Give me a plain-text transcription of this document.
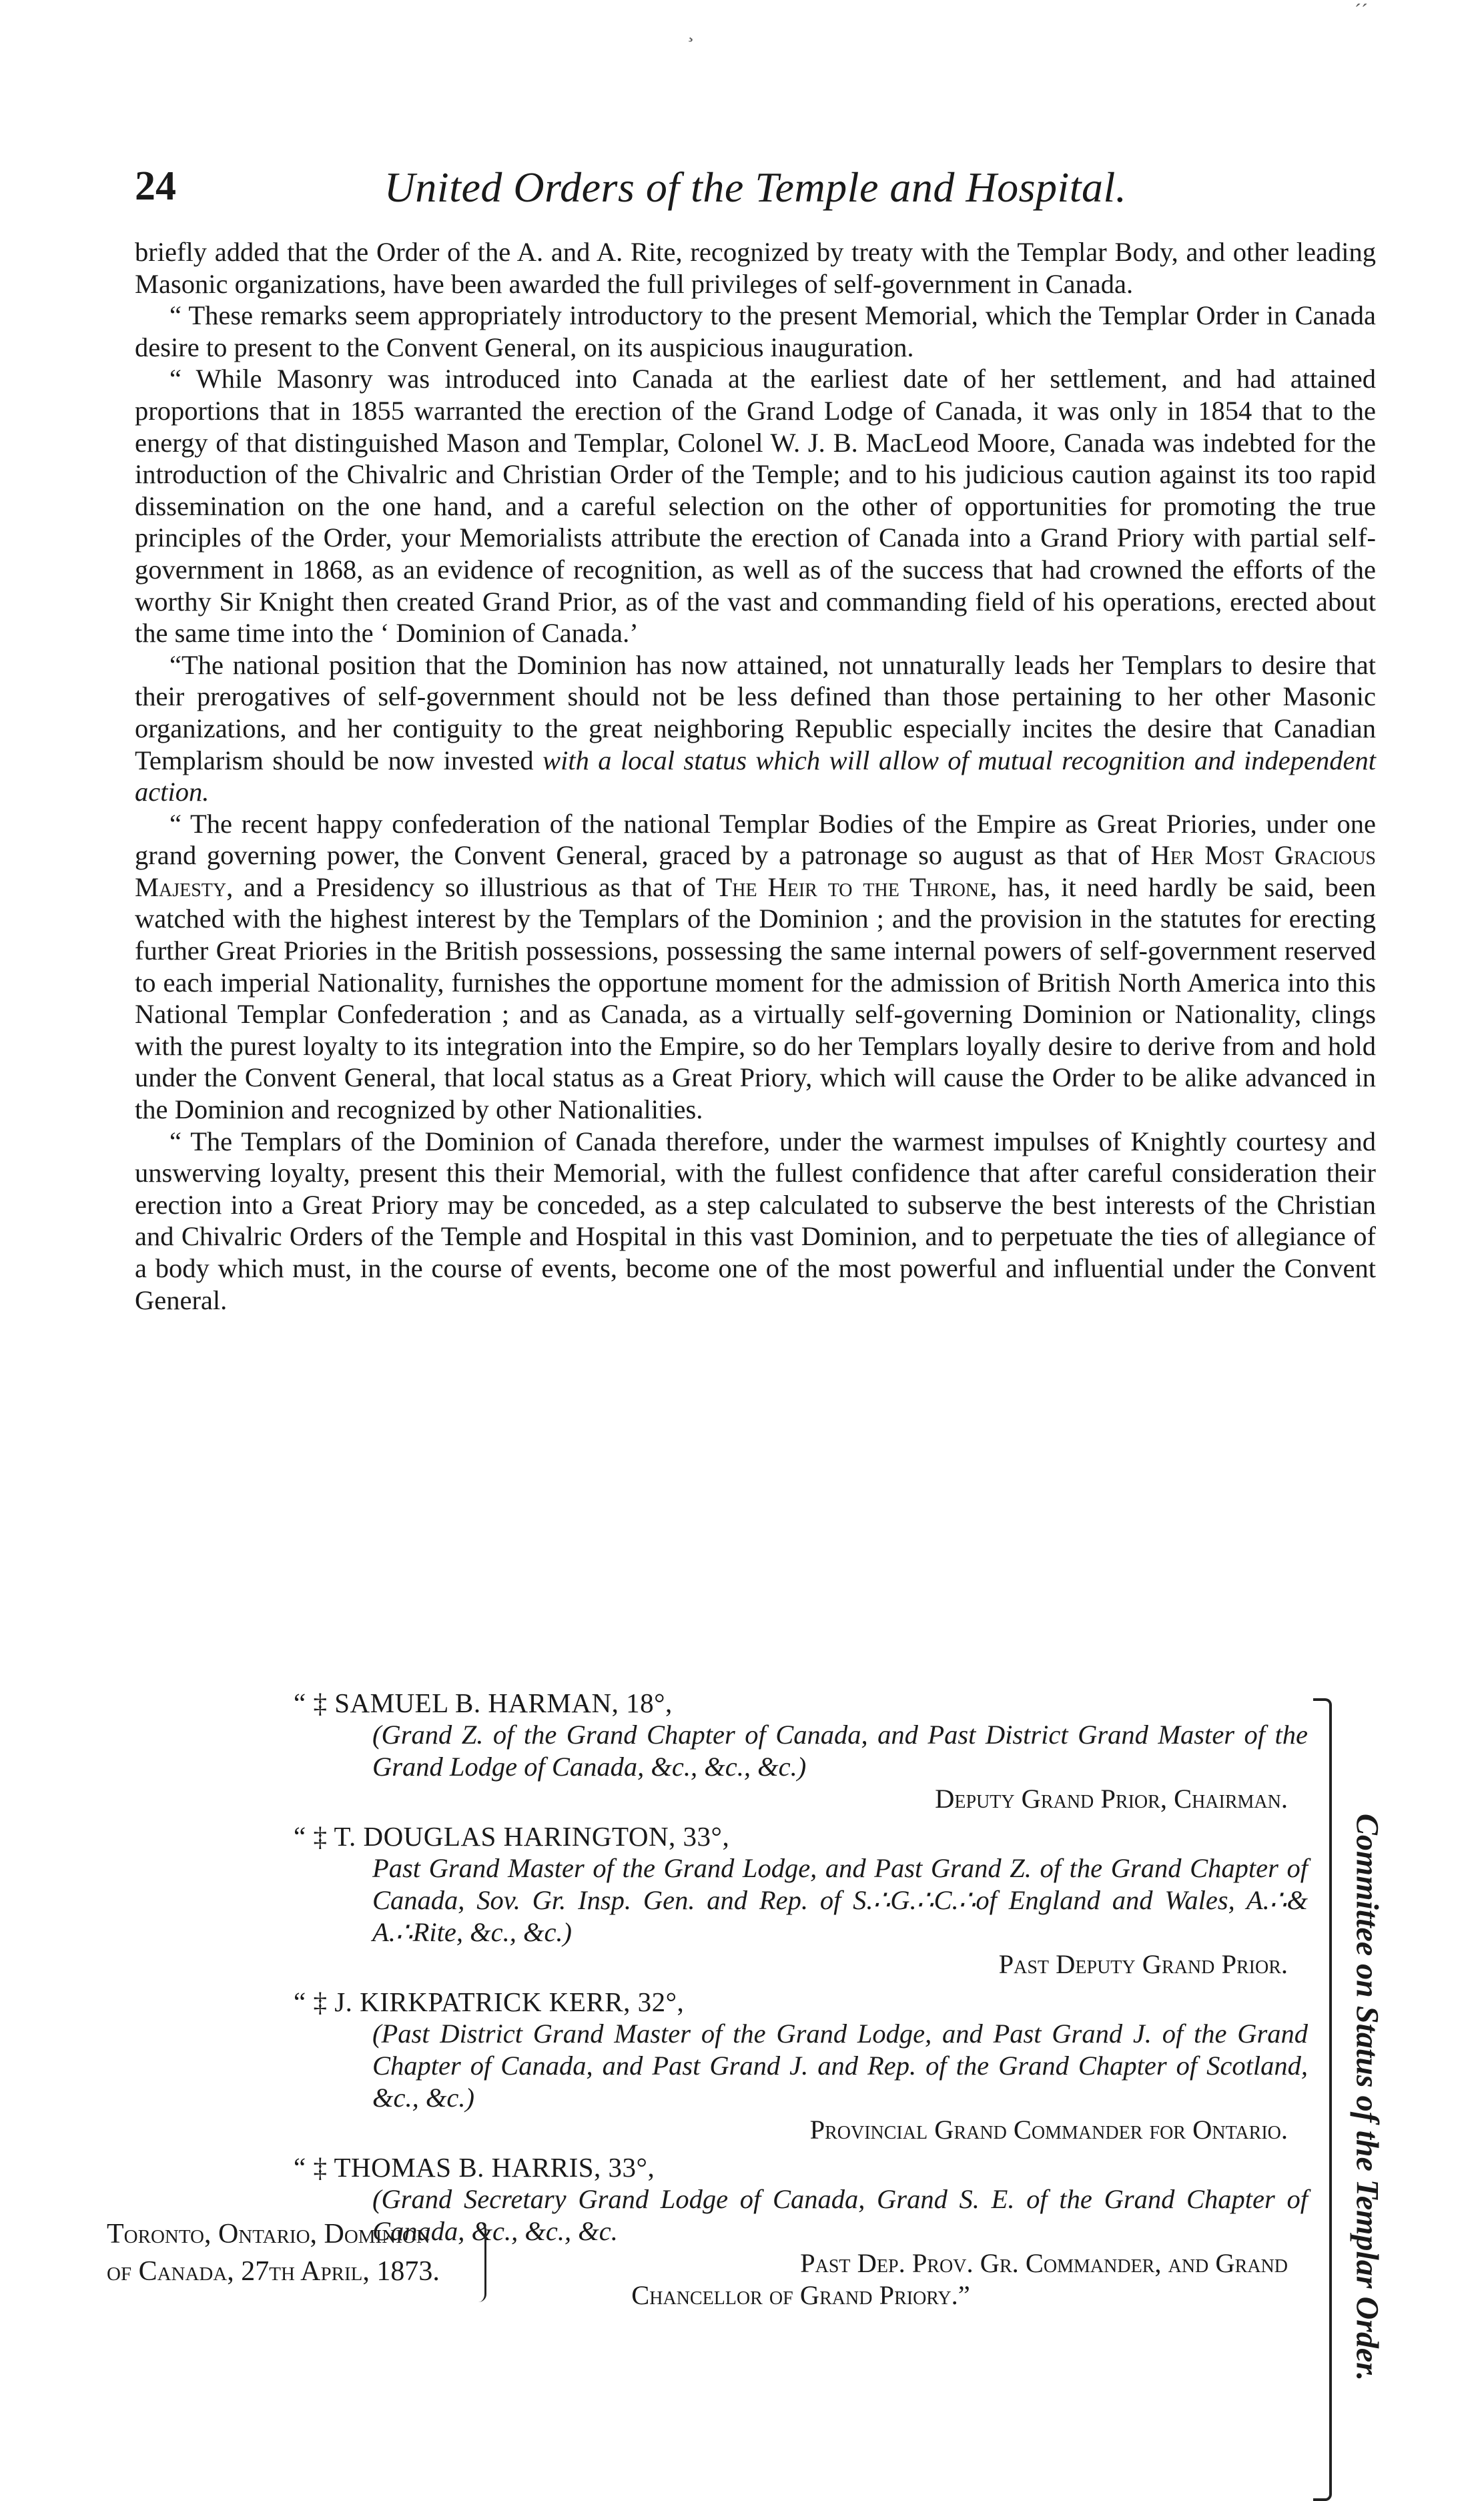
´´
¸
24	United Orders of the Temple and Hospital.

briefly added that the Order of the A. and A. Rite, recognized by treaty with the Templar Body, and other leading Masonic organizations, have been awarded the full privileges of self-government in Canada.

“ These remarks seem appropriately introductory to the present Memorial, which the Templar Order in Canada desire to present to the Convent General, on its auspicious inauguration.

“ While Masonry was introduced into Canada at the earliest date of her settlement, and had attained proportions that in 1855 warranted the erection of the Grand Lodge of Canada, it was only in 1854 that to the energy of that distinguished Mason and Templar, Colonel W. J. B. MacLeod Moore, Canada was indebted for the introduction of the Chivalric and Christian Order of the Temple; and to his judicious caution against its too rapid dissemination on the one hand, and a careful selection on the other of opportunities for promoting the true principles of the Order, your Memorialists attribute the erection of Canada into a Grand Priory with partial self-government in 1868, as an evidence of recognition, as well as of the success that had crowned the efforts of the worthy Sir Knight then created Grand Prior, as of the vast and commanding field of his operations, erected about the same time into the ‘ Dominion of Canada.’

“The national position that the Dominion has now attained, not unnaturally leads her Templars to desire that their prerogatives of self-government should not be less defined than those pertaining to her other Masonic organizations, and her contiguity to the great neighboring Republic especially incites the desire that Canadian Templarism should be now invested with a local status which will allow of mutual recognition and independent action.

“ The recent happy confederation of the national Templar Bodies of the Empire as Great Priories, under one grand governing power, the Convent General, graced by a patronage so august as that of Her Most Gracious Majesty, and a Presidency so illustrious as that of The Heir to the Throne, has, it need hardly be said, been watched with the highest interest by the Templars of the Dominion ; and the provision in the statutes for erecting further Great Priories in the British possessions, possessing the same internal powers of self-government reserved to each imperial Nationality, furnishes the opportune moment for the admission of British North America into this National Templar Confederation ; and as Canada, as a virtually self-governing Dominion or Nationality, clings with the purest loyalty to its integration into the Empire, so do her Templars loyally desire to derive from and hold under the Convent General, that local status as a Great Priory, which will cause the Order to be alike advanced in the Dominion and recognized by other Nationalities.

“ The Templars of the Dominion of Canada therefore, under the warmest impulses of Knightly courtesy and unswerving loyalty, present this their Memorial, with the fullest confidence that after careful consideration their erection into a Great Priory may be conceded, as a step calculated to subserve the best interests of the Christian and Chivalric Orders of the Temple and Hospital in this vast Dominion, and to perpetuate the ties of allegiance of a body which must, in the course of events, become one of the most powerful and influential under the Convent General.

“ ‡ SAMUEL B. HARMAN, 18°,
(Grand Z. of the Grand Chapter of Canada, and Past District Grand Master of the Grand Lodge of Canada, &c., &c., &c.)
Deputy Grand Prior, Chairman.
“ ‡ T. DOUGLAS HARINGTON, 33°,
Past Grand Master of the Grand Lodge, and Past Grand Z. of the Grand Chapter of Canada, Sov. Gr. Insp. Gen. and Rep. of S.∴G.∴C.∴of England and Wales, A.∴& A.∴Rite, &c., &c.)
Past Deputy Grand Prior.
“ ‡ J. KIRKPATRICK KERR, 32°,
(Past District Grand Master of the Grand Lodge, and Past Grand J. of the Grand Chapter of Canada, and Past Grand J. and Rep. of the Grand Chapter of Scotland, &c., &c.)
Provincial Grand Commander for Ontario.
“ ‡ THOMAS B. HARRIS, 33°,
(Grand Secretary Grand Lodge of Canada, Grand S. E. of the Grand Chapter of Canada, &c., &c., &c.
Past Dep. Prov. Gr. Commander, and Grand
Chancellor of Grand Priory.”	Committee on Status of the Templar Order.
Toronto, Ontario, Dominion
of Canada, 27th April, 1873.
